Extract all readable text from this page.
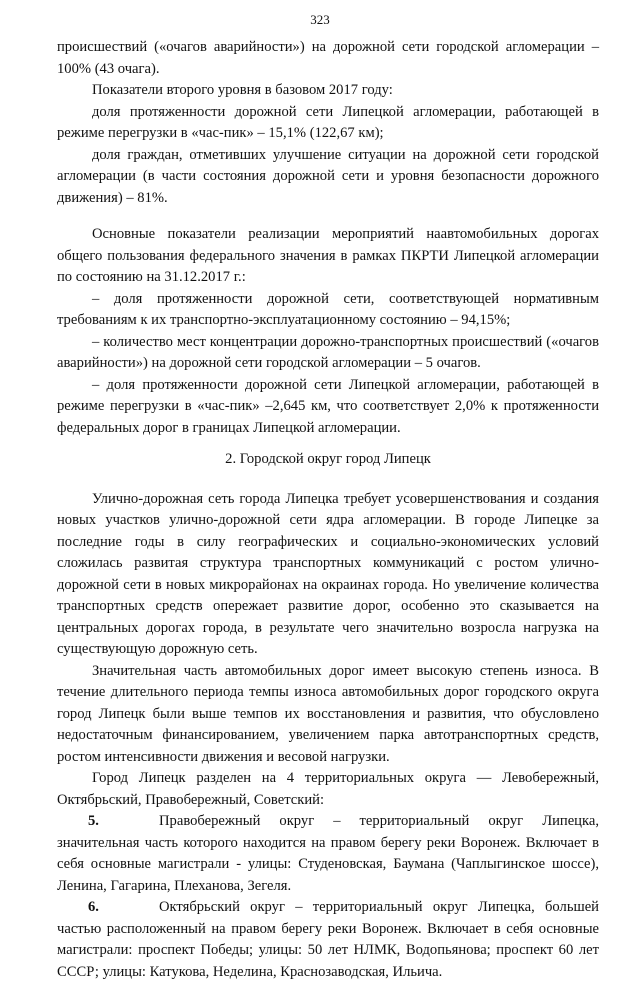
323

происшествий («очагов аварийности») на дорожной сети городской агломерации – 100% (43 очага).

Показатели второго уровня в базовом 2017 году:

доля протяженности дорожной сети Липецкой агломерации, работающей в режиме перегрузки в «час-пик» – 15,1% (122,67 км);

доля граждан, отметивших улучшение ситуации на дорожной сети городской агломерации (в части состояния дорожной сети и уровня безопасности дорожного движения) – 81%.

Основные показатели реализации мероприятий наавтомобильных дорогах общего пользования федерального значения в рамках ПКРТИ Липецкой агломерации по состоянию на 31.12.2017 г.:

– доля протяженности дорожной сети, соответствующей нормативным требованиям к их транспортно-эксплуатационному состоянию – 94,15%;

– количество мест концентрации дорожно-транспортных происшествий («очагов аварийности») на дорожной сети городской агломерации – 5 очагов.

– доля протяженности дорожной сети Липецкой агломерации, работающей в режиме перегрузки в «час-пик» –2,645 км, что соответствует 2,0% к протяженности федеральных дорог в границах Липецкой агломерации.

2. Городской округ город Липецк

Улично-дорожная сеть города Липецка требует усовершенствования и создания новых участков улично-дорожной сети ядра агломерации. В городе Липецке за последние годы в силу географических и социально-экономических условий сложилась развитая структура транспортных коммуникаций с ростом улично-дорожной сети в новых микрорайонах на окраинах города. Но увеличение количества транспортных средств опережает развитие дорог, особенно это сказывается на центральных дорогах города, в результате чего значительно возросла нагрузка на существующую дорожную сеть.

Значительная часть автомобильных дорог имеет высокую степень износа. В течение длительного периода темпы износа автомобильных дорог городского округа город Липецк были выше темпов их восстановления и развития, что обусловлено недостаточным финансированием, увеличением парка автотранспортных средств, ростом интенсивности движения и весовой нагрузки.

Город Липецк разделен на 4 территориальных округа — Левобережный, Октябрьский, Правобережный, Советский:

5.	Правобережный округ – территориальный округ Липецка, значительная часть которого находится на правом берегу реки Воронеж. Включает в себя основные магистрали - улицы: Студеновская, Баумана (Чаплыгинское шоссе), Ленина, Гагарина, Плеханова, Зегеля.

6.	Октябрьский округ – территориальный округ Липецка, большей частью расположенный на правом берегу реки Воронеж. Включает в себя основные магистрали: проспект Победы; улицы: 50 лет НЛМК, Водопьянова; проспект 60 лет СССР; улицы: Катукова, Неделина, Краснозаводская, Ильича.
